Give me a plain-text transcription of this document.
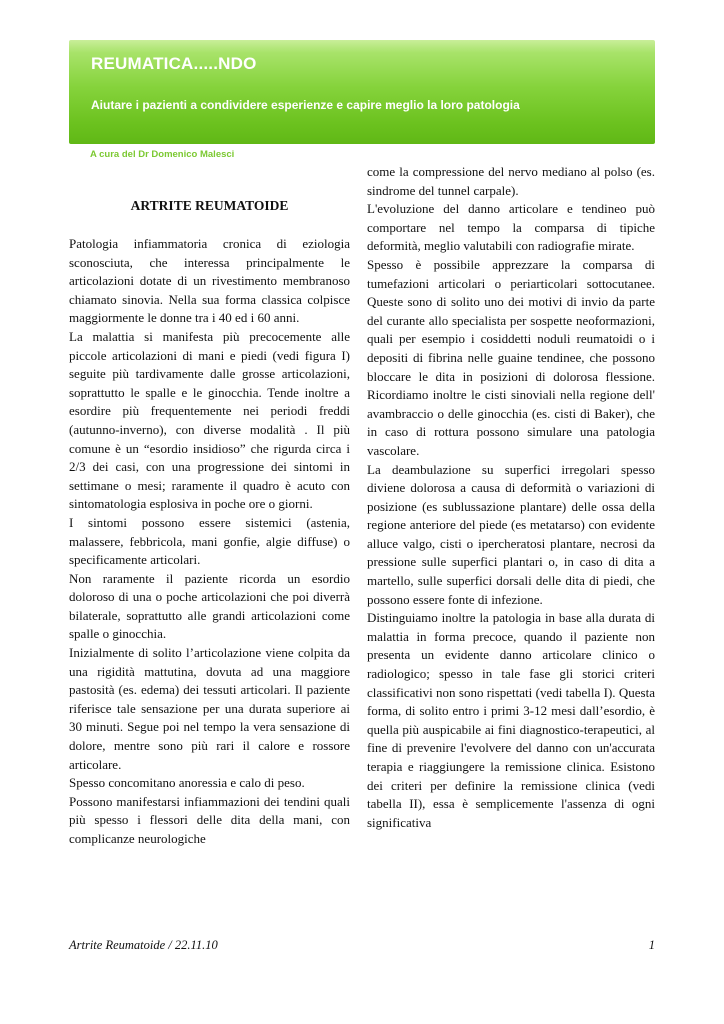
REUMATICA.....NDO
Aiutare i pazienti a condividere esperienze e capire meglio la loro patologia
A cura del Dr Domenico Malesci
ARTRITE REUMATOIDE

Patologia infiammatoria cronica di eziologia sconosciuta, che interessa principalmente le articolazioni dotate di un rivestimento membranoso chiamato sinovia. Nella sua forma classica colpisce maggiormente le donne tra i 40 ed i 60 anni.

La malattia si manifesta più precocemente alle piccole articolazioni di mani e piedi (vedi figura I) seguite più tardivamente dalle grosse articolazioni, soprattutto le spalle e le ginocchia. Tende inoltre a esordire più frequentemente nei periodi freddi (autunno-inverno), con diverse modalità . Il più comune è un “esordio insidioso” che rigurda circa i 2/3 dei casi, con una progressione dei sintomi in settimane o mesi; raramente il quadro è acuto con sintomatologia esplosiva in poche ore o giorni.

I sintomi possono essere sistemici (astenia, malassere, febbricola, mani gonfie, algie diffuse) o specificamente articolari.

Non raramente il paziente ricorda un esordio doloroso di una o poche articolazioni che poi diverrà bilaterale, soprattutto alle grandi articolazioni come spalle o ginocchia.

Inizialmente di solito l’articolazione viene colpita da una rigidità mattutina, dovuta ad una maggiore pastosità (es. edema) dei tessuti articolari. Il paziente riferisce tale sensazione per una durata superiore ai 30 minuti. Segue poi nel tempo la vera sensazione di dolore, mentre sono più rari il calore e rossore articolare.

Spesso concomitano anoressia e calo di peso.

Possono manifestarsi infiammazioni dei tendini quali più spesso i flessori delle dita della mani, con complicanze neurologiche

come la compressione del nervo mediano al polso (es. sindrome del tunnel carpale).

L'evoluzione del danno articolare e tendineo può comportare nel tempo la comparsa di tipiche deformità, meglio valutabili con radiografie mirate.

Spesso è possibile apprezzare la comparsa di tumefazioni articolari o periarticolari sottocutanee. Queste sono di solito uno dei motivi di invio da parte del curante allo specialista per sospette neoformazioni, quali per esempio i cosiddetti noduli reumatoidi o i depositi di fibrina nelle guaine tendinee, che possono bloccare le dita in posizioni di dolorosa flessione. Ricordiamo inoltre le cisti sinoviali nella regione dell' avambraccio o delle ginocchia (es. cisti di Baker), che in caso di rottura possono simulare una patologia vascolare.

La deambulazione su superfici irregolari spesso diviene dolorosa a causa di deformità o variazioni di posizione (es sublussazione plantare) delle ossa della regione anteriore del piede (es metatarso) con evidente alluce valgo, cisti o ipercheratosi plantare, necrosi da pressione sulle superfici plantari o, in caso di dita a martello, sulle superfici dorsali delle dita di piedi, che possono essere fonte di infezione.

Distinguiamo inoltre la patologia in base alla durata di malattia in forma precoce, quando il paziente non presenta un evidente danno articolare clinico o radiologico; spesso in tale fase gli storici criteri classificativi non sono rispettati (vedi tabella I). Questa forma, di solito entro i primi 3-12 mesi dall’esordio, è quella più auspicabile ai fini diagnostico-terapeutici, al fine di prevenire l'evolvere del danno con un'accurata terapia e riaggiungere la remissione clinica. Esistono dei criteri per definire la remissione clinica (vedi tabella II), essa è semplicemente l'assenza di ogni significativa

Artrite Reumatoide / 22.11.10	1
